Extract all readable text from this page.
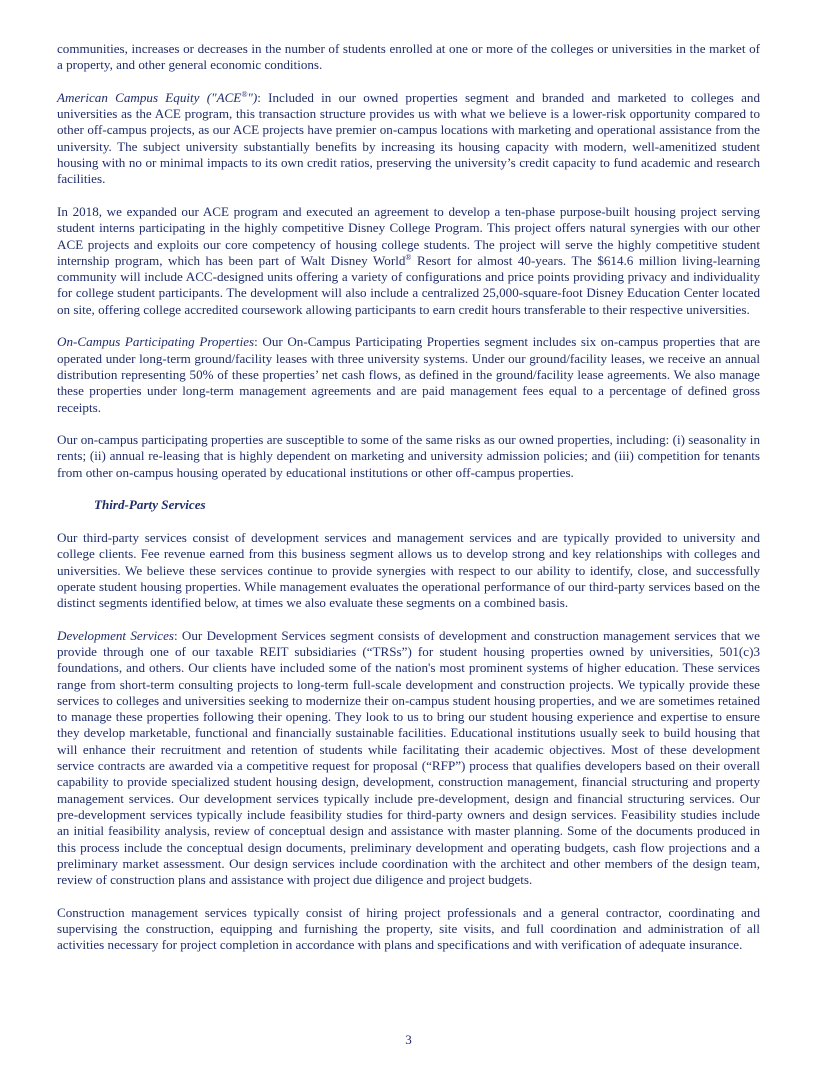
communities, increases or decreases in the number of students enrolled at one or more of the colleges or universities in the market of a property, and other general economic conditions.

American Campus Equity ("ACE®"): Included in our owned properties segment and branded and marketed to colleges and universities as the ACE program, this transaction structure provides us with what we believe is a lower-risk opportunity compared to other off-campus projects, as our ACE projects have premier on-campus locations with marketing and operational assistance from the university. The subject university substantially benefits by increasing its housing capacity with modern, well-amenitized student housing with no or minimal impacts to its own credit ratios, preserving the university’s credit capacity to fund academic and research facilities.

In 2018, we expanded our ACE program and executed an agreement to develop a ten-phase purpose-built housing project serving student interns participating in the highly competitive Disney College Program. This project offers natural synergies with our other ACE projects and exploits our core competency of housing college students. The project will serve the highly competitive student internship program, which has been part of Walt Disney World® Resort for almost 40-years. The $614.6 million living-learning community will include ACC-designed units offering a variety of configurations and price points providing privacy and individuality for college student participants. The development will also include a centralized 25,000-square-foot Disney Education Center located on site, offering college accredited coursework allowing participants to earn credit hours transferable to their respective universities.

On-Campus Participating Properties: Our On-Campus Participating Properties segment includes six on-campus properties that are operated under long-term ground/facility leases with three university systems. Under our ground/facility leases, we receive an annual distribution representing 50% of these properties’ net cash flows, as defined in the ground/facility lease agreements. We also manage these properties under long-term management agreements and are paid management fees equal to a percentage of defined gross receipts.

Our on-campus participating properties are susceptible to some of the same risks as our owned properties, including: (i) seasonality in rents; (ii) annual re-leasing that is highly dependent on marketing and university admission policies; and (iii) competition for tenants from other on-campus housing operated by educational institutions or other off-campus properties.

Third-Party Services

Our third-party services consist of development services and management services and are typically provided to university and college clients. Fee revenue earned from this business segment allows us to develop strong and key relationships with colleges and universities. We believe these services continue to provide synergies with respect to our ability to identify, close, and successfully operate student housing properties. While management evaluates the operational performance of our third-party services based on the distinct segments identified below, at times we also evaluate these segments on a combined basis.

Development Services: Our Development Services segment consists of development and construction management services that we provide through one of our taxable REIT subsidiaries (“TRSs”) for student housing properties owned by universities, 501(c)3 foundations, and others. Our clients have included some of the nation's most prominent systems of higher education. These services range from short-term consulting projects to long-term full-scale development and construction projects. We typically provide these services to colleges and universities seeking to modernize their on-campus student housing properties, and we are sometimes retained to manage these properties following their opening. They look to us to bring our student housing experience and expertise to ensure they develop marketable, functional and financially sustainable facilities. Educational institutions usually seek to build housing that will enhance their recruitment and retention of students while facilitating their academic objectives. Most of these development service contracts are awarded via a competitive request for proposal (“RFP”) process that qualifies developers based on their overall capability to provide specialized student housing design, development, construction management, financial structuring and property management services. Our development services typically include pre-development, design and financial structuring services. Our pre-development services typically include feasibility studies for third-party owners and design services. Feasibility studies include an initial feasibility analysis, review of conceptual design and assistance with master planning. Some of the documents produced in this process include the conceptual design documents, preliminary development and operating budgets, cash flow projections and a preliminary market assessment. Our design services include coordination with the architect and other members of the design team, review of construction plans and assistance with project due diligence and project budgets.

Construction management services typically consist of hiring project professionals and a general contractor, coordinating and supervising the construction, equipping and furnishing the property, site visits, and full coordination and administration of all activities necessary for project completion in accordance with plans and specifications and with verification of adequate insurance.

3
